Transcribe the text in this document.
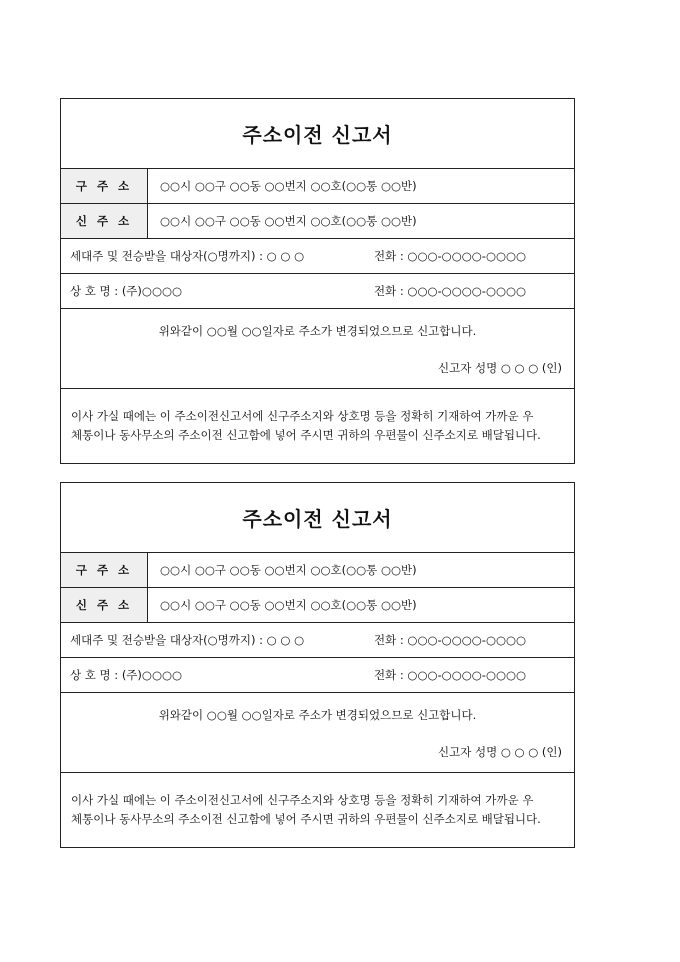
주소이전 신고서
구 주 소	○○시 ○○구 ○○동 ○○번지 ○○호(○○통 ○○반)
신 주 소	○○시 ○○구 ○○동 ○○번지 ○○호(○○통 ○○반)
세대주 및 전승받을 대상자(○명까지) : ○ ○ ○	전화 : ○○○-○○○○-○○○○
상 호 명 : (주)○○○○	전화 : ○○○-○○○○-○○○○
위와같이 ○○월 ○○일자로 주소가 변경되었으므로 신고합니다.
신고자 성명 ○ ○ ○ (인)
이사 가실 때에는 이 주소이전신고서에 신구주소지와 상호명 등을 정확히 기재하여 가까운 우
체통이나 동사무소의 주소이전 신고함에 넣어 주시면 귀하의 우편물이 신주소지로 배달됩니다.
주소이전 신고서
구 주 소	○○시 ○○구 ○○동 ○○번지 ○○호(○○통 ○○반)
신 주 소	○○시 ○○구 ○○동 ○○번지 ○○호(○○통 ○○반)
세대주 및 전승받을 대상자(○명까지) : ○ ○ ○	전화 : ○○○-○○○○-○○○○
상 호 명 : (주)○○○○	전화 : ○○○-○○○○-○○○○
위와같이 ○○월 ○○일자로 주소가 변경되었으므로 신고합니다.
신고자 성명 ○ ○ ○ (인)
이사 가실 때에는 이 주소이전신고서에 신구주소지와 상호명 등을 정확히 기재하여 가까운 우
체통이나 동사무소의 주소이전 신고함에 넣어 주시면 귀하의 우편물이 신주소지로 배달됩니다.
